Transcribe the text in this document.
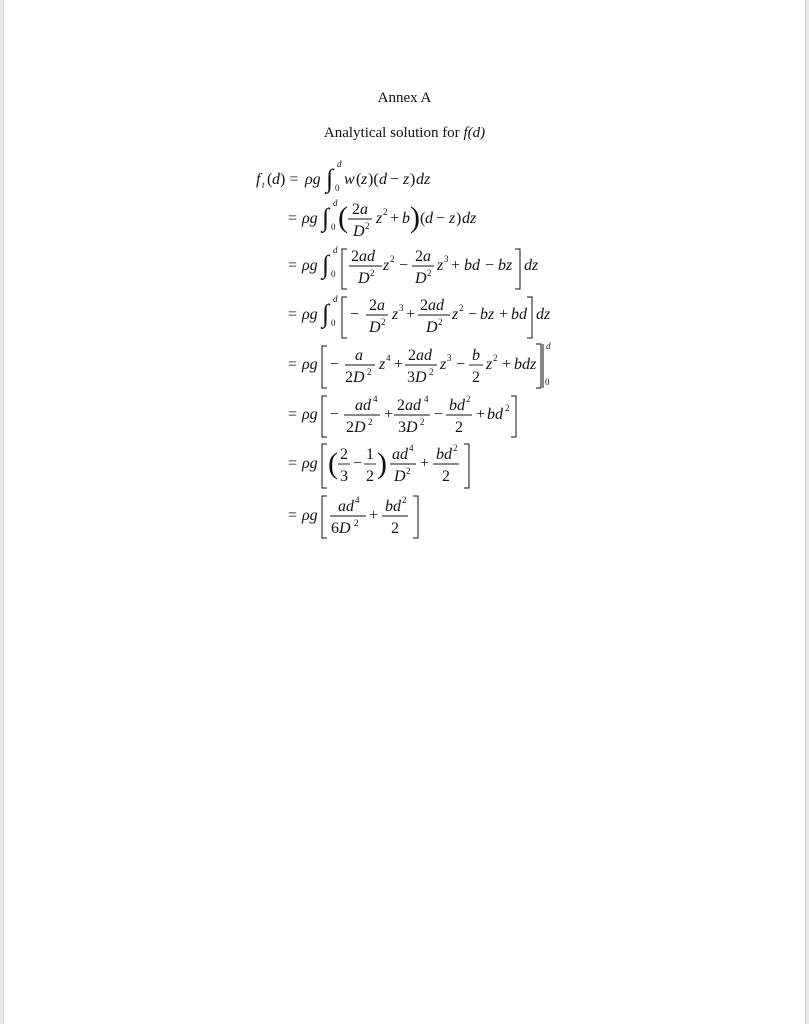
Annex A
Analytical solution for f(d)
f t ( d ) = ρg ∫ d
0 w ( z )( d − z ) dz
= ρg ∫ d
0 ( 2a
D 2 z 2 + b ) ( d − z ) dz
= ρg ∫ d
0
2ad
D 2 z 2 −
2a
D 2 z 3 + bd − bz dz
= ρg ∫ d
0 −
2a
D 2 z 3 +
2ad
D 2 z 2 − bz + bd dz
= ρg −
a
2D 2 z 4 +
2ad
3D 2 z 3 −
b
2
z 2 + bdz
d
0
= ρg −
ad 4
2D 2 +
2ad 4
3D 2 −
bd 2
2
+ bd 2
= ρg ( 2
3
−
1
2 ) ad 4
D 2 +
bd 2
2
= ρg
ad 4
6D 2 +
bd 2
2
